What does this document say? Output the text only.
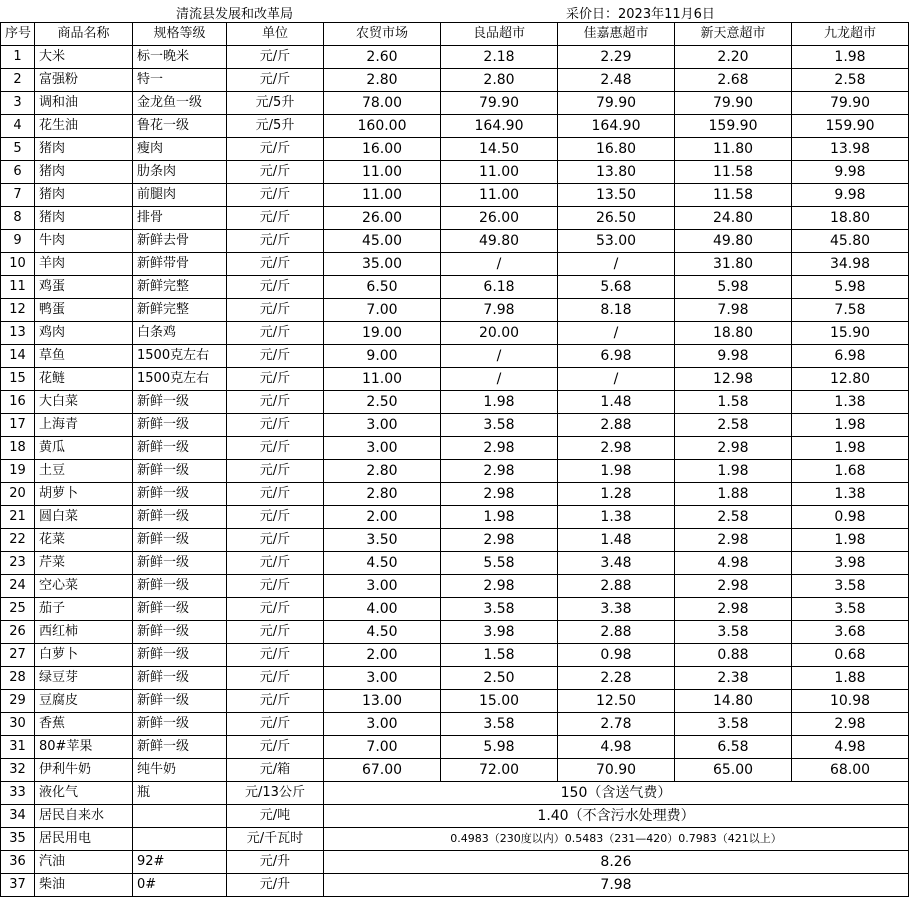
清流县发展和改革局	采价日：2023年11月6日
序号	商品名称	规格等级	单位	农贸市场	良品超市	佳嘉惠超市	新天意超市	九龙超市
1	大米	标一晚米	元/斤	2.60	2.18	2.29	2.20	1.98
2	富强粉	特一	元/斤	2.80	2.80	2.48	2.68	2.58
3	调和油	金龙鱼一级	元/5升	78.00	79.90	79.90	79.90	79.90
4	花生油	鲁花一级	元/5升	160.00	164.90	164.90	159.90	159.90
5	猪肉	瘦肉	元/斤	16.00	14.50	16.80	11.80	13.98
6	猪肉	肋条肉	元/斤	11.00	11.00	13.80	11.58	9.98
7	猪肉	前腿肉	元/斤	11.00	11.00	13.50	11.58	9.98
8	猪肉	排骨	元/斤	26.00	26.00	26.50	24.80	18.80
9	牛肉	新鲜去骨	元/斤	45.00	49.80	53.00	49.80	45.80
10	羊肉	新鲜带骨	元/斤	35.00	/	/	31.80	34.98
11	鸡蛋	新鲜完整	元/斤	6.50	6.18	5.68	5.98	5.98
12	鸭蛋	新鲜完整	元/斤	7.00	7.98	8.18	7.98	7.58
13	鸡肉	白条鸡	元/斤	19.00	20.00	/	18.80	15.90
14	草鱼	1500克左右	元/斤	9.00	/	6.98	9.98	6.98
15	花鲢	1500克左右	元/斤	11.00	/	/	12.98	12.80
16	大白菜	新鲜一级	元/斤	2.50	1.98	1.48	1.58	1.38
17	上海青	新鲜一级	元/斤	3.00	3.58	2.88	2.58	1.98
18	黄瓜	新鲜一级	元/斤	3.00	2.98	2.98	2.98	1.98
19	土豆	新鲜一级	元/斤	2.80	2.98	1.98	1.98	1.68
20	胡萝卜	新鲜一级	元/斤	2.80	2.98	1.28	1.88	1.38
21	圆白菜	新鲜一级	元/斤	2.00	1.98	1.38	2.58	0.98
22	花菜	新鲜一级	元/斤	3.50	2.98	1.48	2.98	1.98
23	芹菜	新鲜一级	元/斤	4.50	5.58	3.48	4.98	3.98
24	空心菜	新鲜一级	元/斤	3.00	2.98	2.88	2.98	3.58
25	茄子	新鲜一级	元/斤	4.00	3.58	3.38	2.98	3.58
26	西红柿	新鲜一级	元/斤	4.50	3.98	2.88	3.58	3.68
27	白萝卜	新鲜一级	元/斤	2.00	1.58	0.98	0.88	0.68
28	绿豆芽	新鲜一级	元/斤	3.00	2.50	2.28	2.38	1.88
29	豆腐皮	新鲜一级	元/斤	13.00	15.00	12.50	14.80	10.98
30	香蕉	新鲜一级	元/斤	3.00	3.58	2.78	3.58	2.98
31	80#苹果	新鲜一级	元/斤	7.00	5.98	4.98	6.58	4.98
32	伊利牛奶	纯牛奶	元/箱	67.00	72.00	70.90	65.00	68.00
33	液化气	瓶	元/13公斤	150（含送气费）				
34	居民自来水		元/吨	1.40（不含污水处理费）				
35	居民用电		元/千瓦时	0.4983（230度以内）0.5483（231—420）0.7983（421以上）				
36	汽油	92#	元/升	8.26				
37	柴油	0#	元/升	7.98				
